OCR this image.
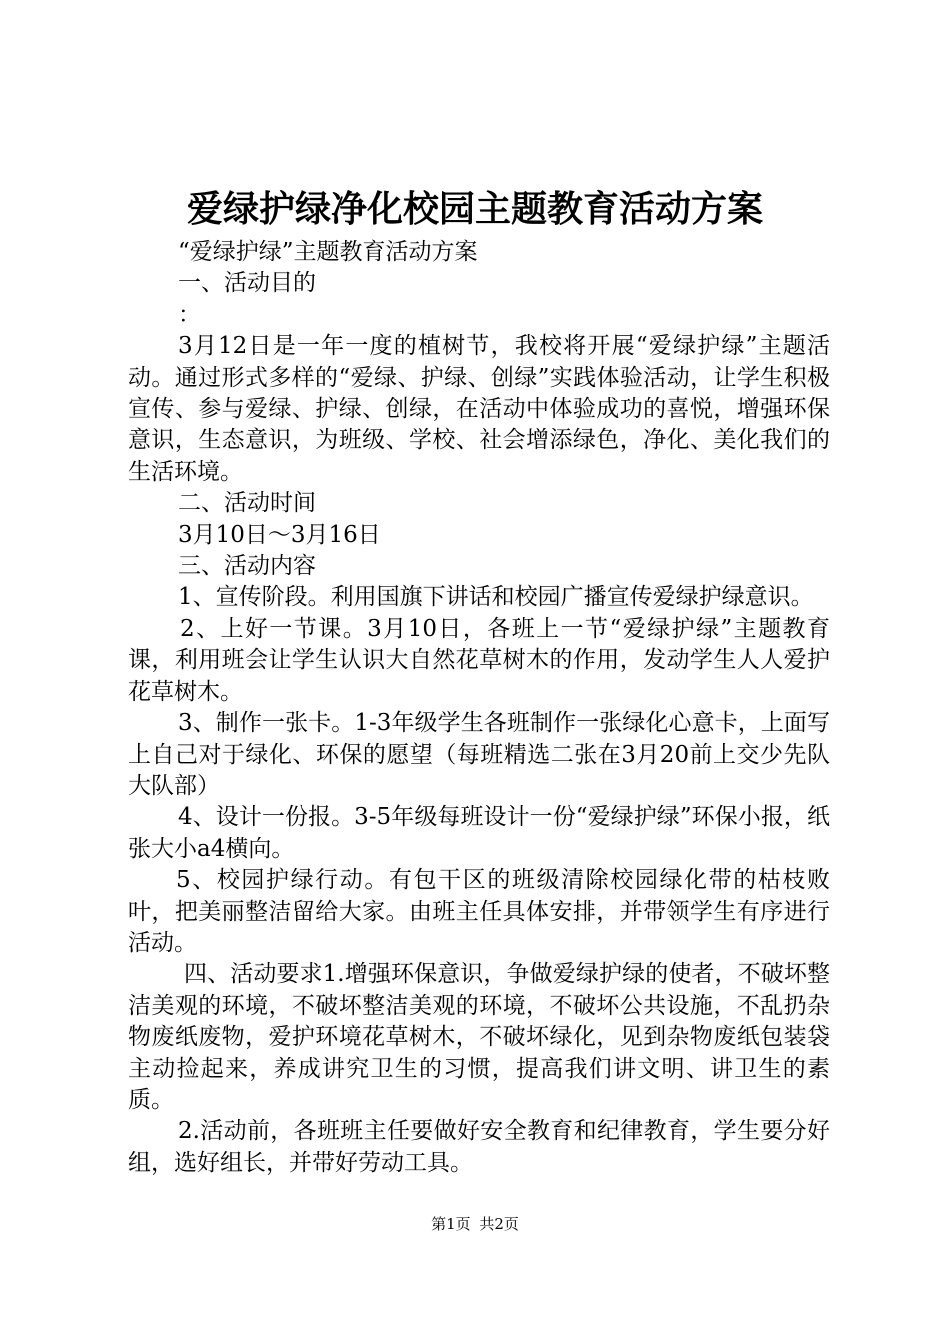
爱绿护绿净化校园主题教育活动方案

“爱绿护绿”主题教育活动方案

一、活动目的

：

3月12日是一年一度的植树节，我校将开展“爱绿护绿”主题活动。通过形式多样的“爱绿、护绿、创绿”实践体验活动，让学生积极宣传、参与爱绿、护绿、创绿，在活动中体验成功的喜悦，增强环保意识，生态意识，为班级、学校、社会增添绿色，净化、美化我们的生活环境。

二、活动时间

3月10日～3月16日

三、活动内容

1、宣传阶段。利用国旗下讲话和校园广播宣传爱绿护绿意识。

2、上好一节课。3月10日，各班上一节“爱绿护绿”主题教育课，利用班会让学生认识大自然花草树木的作用，发动学生人人爱护花草树木。

3、制作一张卡。1-3年级学生各班制作一张绿化心意卡，上面写上自己对于绿化、环保的愿望（每班精选二张在3月20前上交少先队大队部）

4、设计一份报。3-5年级每班设计一份“爱绿护绿”环保小报，纸张大小a4横向。

5、校园护绿行动。有包干区的班级清除校园绿化带的枯枝败叶，把美丽整洁留给大家。由班主任具体安排，并带领学生有序进行活动。

四、活动要求1.增强环保意识，争做爱绿护绿的使者，不破坏整洁美观的环境，不破坏整洁美观的环境，不破坏公共设施，不乱扔杂物废纸废物，爱护环境花草树木，不破坏绿化，见到杂物废纸包装袋主动捡起来，养成讲究卫生的习惯，提高我们讲文明、讲卫生的素质。

2.活动前，各班班主任要做好安全教育和纪律教育，学生要分好组，选好组长，并带好劳动工具。

第1页 共2页
